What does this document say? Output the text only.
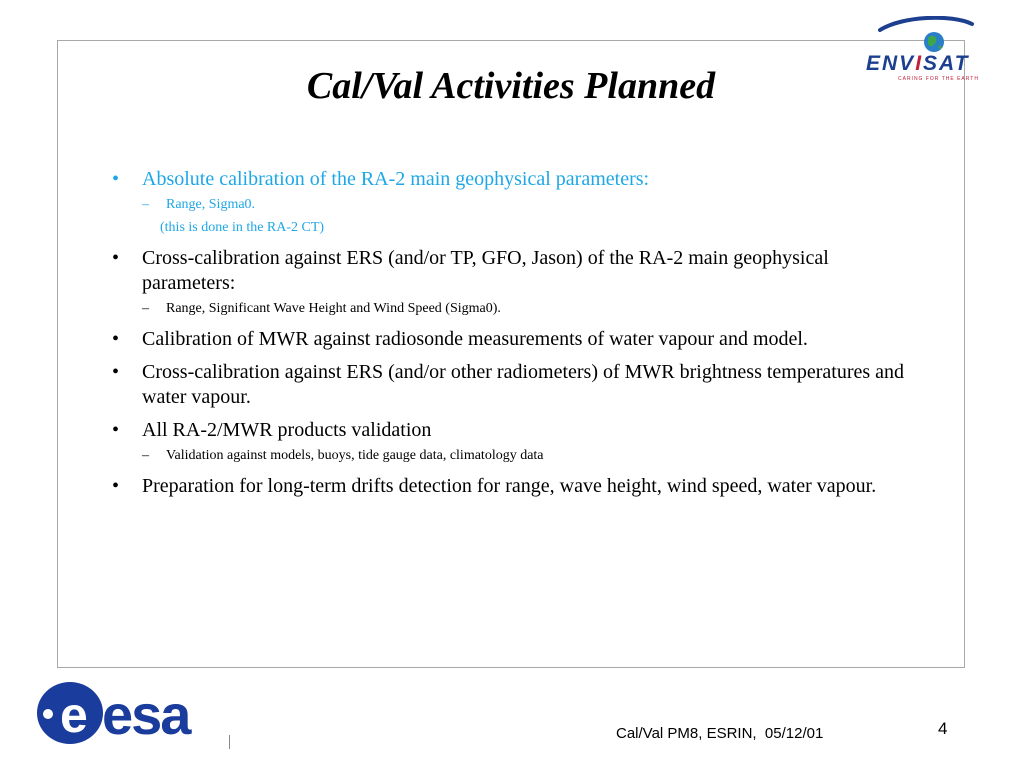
Cal/Val Activities Planned
• Absolute calibration of the RA-2 main geophysical parameters:
– Range, Sigma0.
(this is done in the RA-2 CT)
• Cross-calibration against ERS (and/or TP, GFO, Jason) of the RA-2 main geophysical parameters:
– Range, Significant Wave Height and Wind Speed (Sigma0).
• Calibration of MWR against radiosonde measurements of water vapour and model.
• Cross-calibration against ERS (and/or other radiometers) of MWR brightness temperatures and water vapour.
• All RA-2/MWR products validation
– Validation against models, buoys, tide gauge data, climatology data
• Preparation for long-term drifts detection for range, wave height, wind speed, water vapour.
ENVISAT
CARING FOR THE EARTH
e esa	Cal/Val PM8, ESRIN,  05/12/01	4
